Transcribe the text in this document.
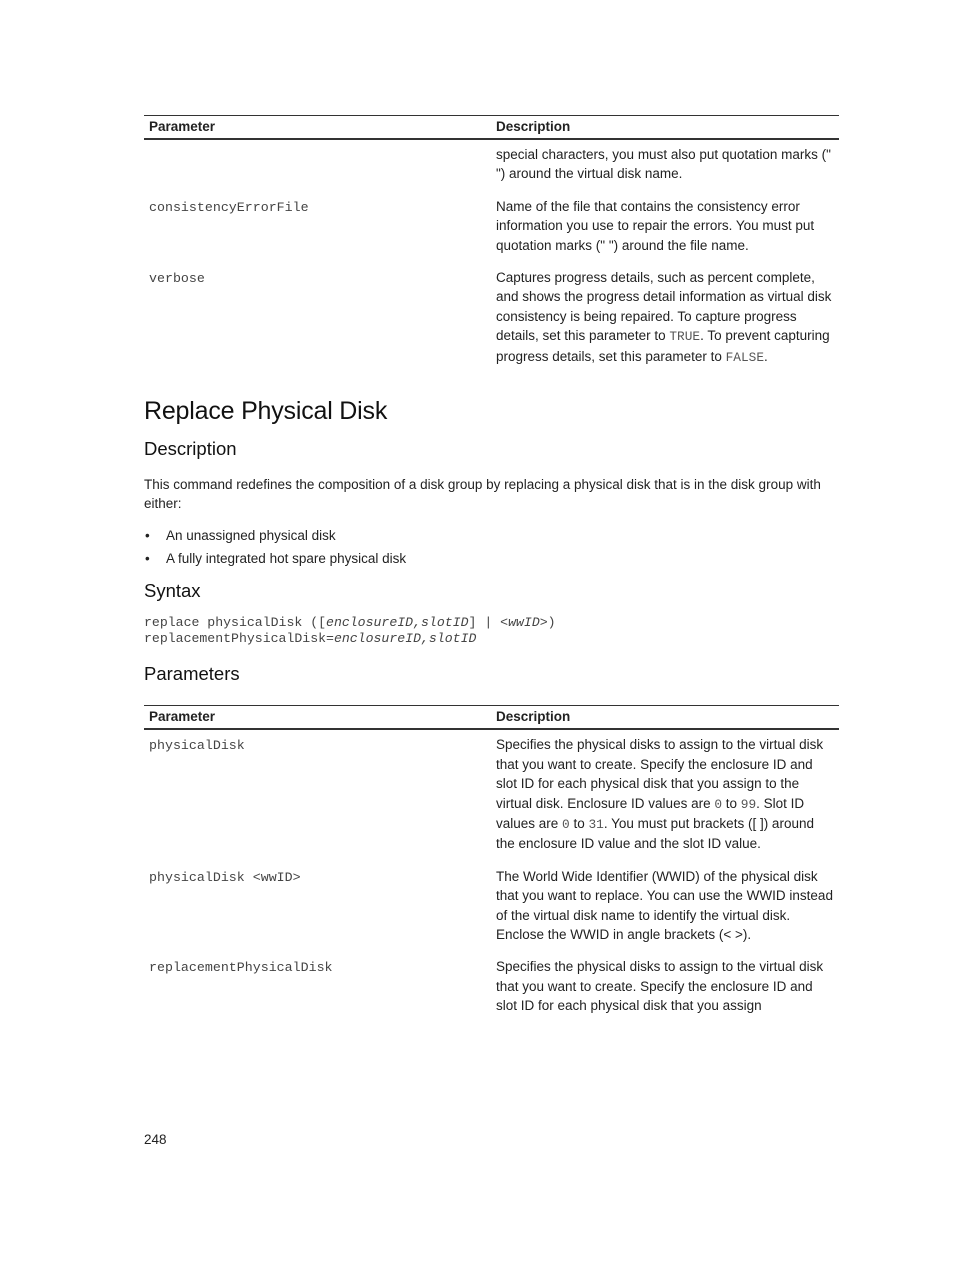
Parameter	Description
	special characters, you must also put quotation marks (" ") around the virtual disk name.
consistencyErrorFile	Name of the file that contains the consistency error information you use to repair the errors. You must put quotation marks (" ") around the file name.
verbose	Captures progress details, such as percent complete, and shows the progress detail information as virtual disk consistency is being repaired. To capture progress details, set this parameter to TRUE. To prevent capturing progress details, set this parameter to FALSE.
Replace Physical Disk
Description

This command redefines the composition of a disk group by replacing a physical disk that is in the disk group with either:

• An unassigned physical disk
• A fully integrated hot spare physical disk
Syntax
replace physicalDisk ([enclosureID,slotID] | <wwID>)
replacementPhysicalDisk=enclosureID,slotID
Parameters
Parameter	Description
physicalDisk	Specifies the physical disks to assign to the virtual disk that you want to create. Specify the enclosure ID and slot ID for each physical disk that you assign to the virtual disk. Enclosure ID values are 0 to 99. Slot ID values are 0 to 31. You must put brackets ([ ]) around the enclosure ID value and the slot ID value.
physicalDisk <wwID>	The World Wide Identifier (WWID) of the physical disk that you want to replace. You can use the WWID instead of the virtual disk name to identify the virtual disk. Enclose the WWID in angle brackets (< >).
replacementPhysicalDisk	Specifies the physical disks to assign to the virtual disk that you want to create. Specify the enclosure ID and slot ID for each physical disk that you assign
248
